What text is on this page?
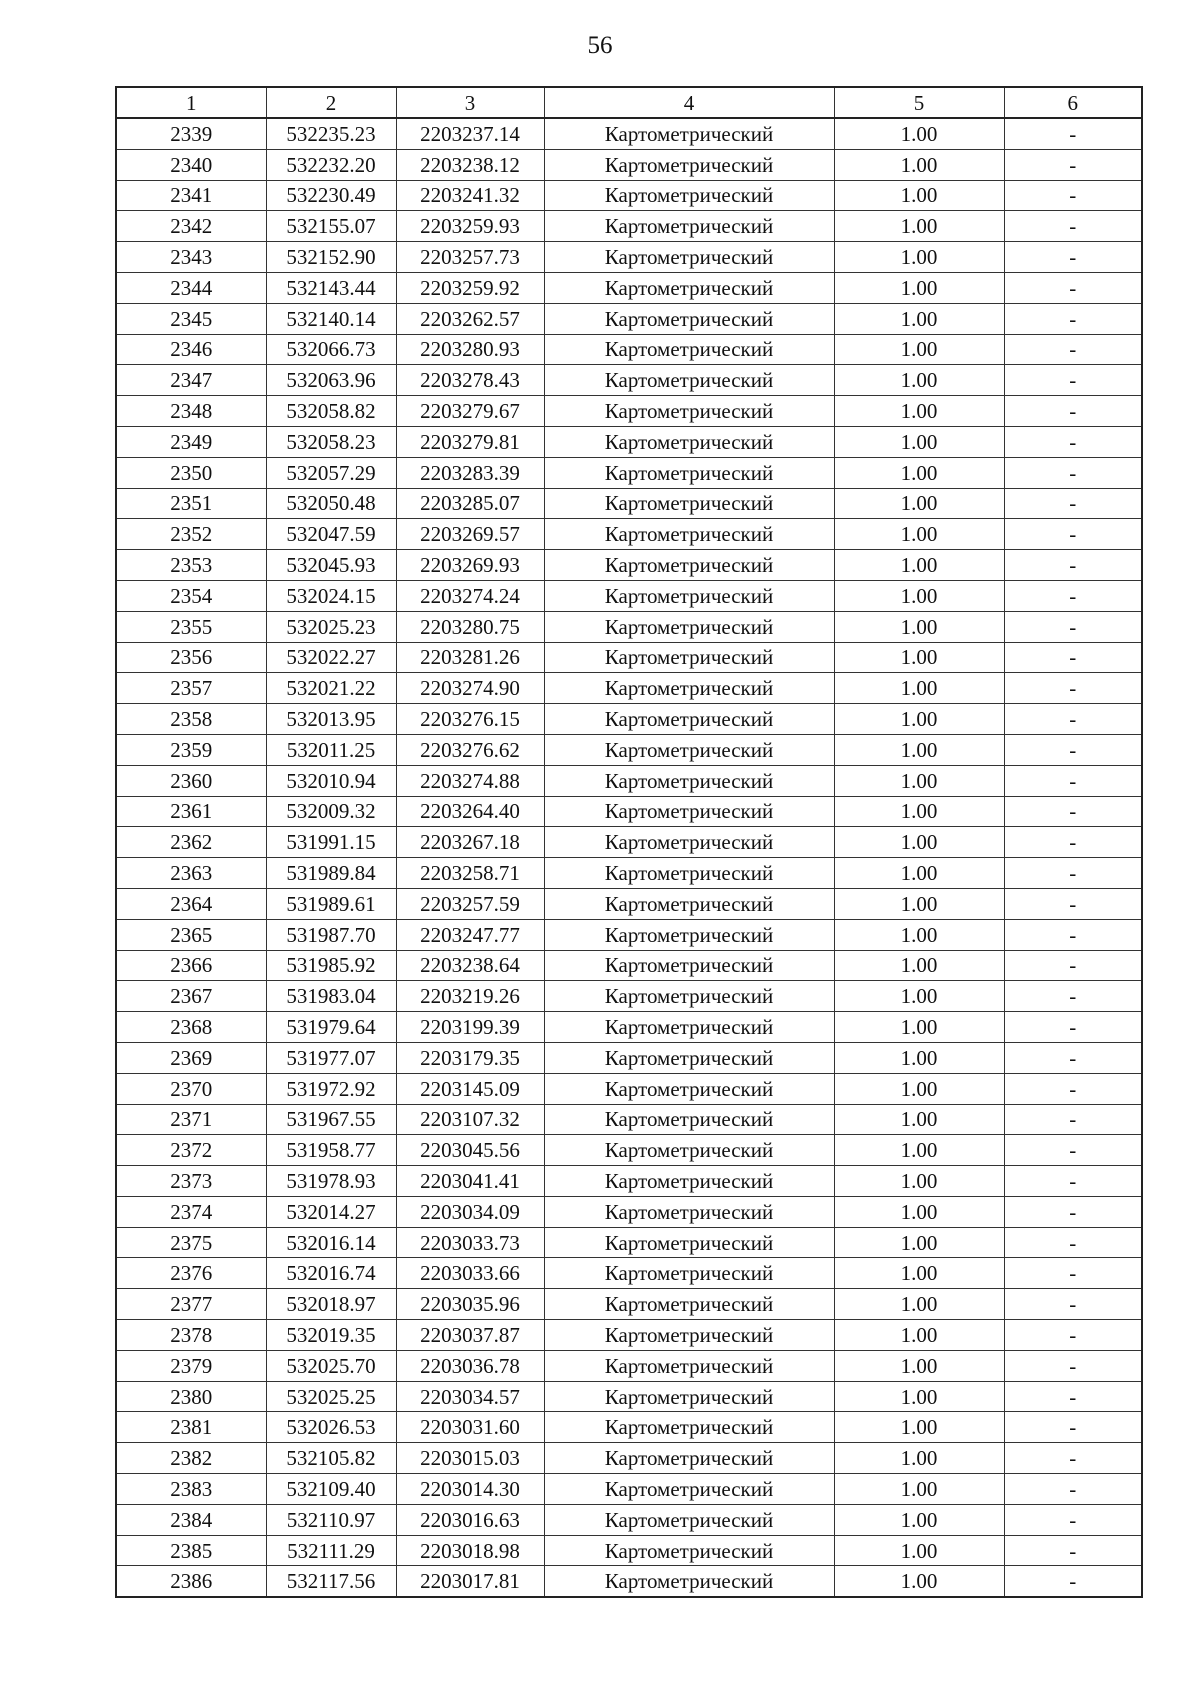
56
1	2	3	4	5	6
2339	532235.23	2203237.14	Картометрический	1.00	-
2340	532232.20	2203238.12	Картометрический	1.00	-
2341	532230.49	2203241.32	Картометрический	1.00	-
2342	532155.07	2203259.93	Картометрический	1.00	-
2343	532152.90	2203257.73	Картометрический	1.00	-
2344	532143.44	2203259.92	Картометрический	1.00	-
2345	532140.14	2203262.57	Картометрический	1.00	-
2346	532066.73	2203280.93	Картометрический	1.00	-
2347	532063.96	2203278.43	Картометрический	1.00	-
2348	532058.82	2203279.67	Картометрический	1.00	-
2349	532058.23	2203279.81	Картометрический	1.00	-
2350	532057.29	2203283.39	Картометрический	1.00	-
2351	532050.48	2203285.07	Картометрический	1.00	-
2352	532047.59	2203269.57	Картометрический	1.00	-
2353	532045.93	2203269.93	Картометрический	1.00	-
2354	532024.15	2203274.24	Картометрический	1.00	-
2355	532025.23	2203280.75	Картометрический	1.00	-
2356	532022.27	2203281.26	Картометрический	1.00	-
2357	532021.22	2203274.90	Картометрический	1.00	-
2358	532013.95	2203276.15	Картометрический	1.00	-
2359	532011.25	2203276.62	Картометрический	1.00	-
2360	532010.94	2203274.88	Картометрический	1.00	-
2361	532009.32	2203264.40	Картометрический	1.00	-
2362	531991.15	2203267.18	Картометрический	1.00	-
2363	531989.84	2203258.71	Картометрический	1.00	-
2364	531989.61	2203257.59	Картометрический	1.00	-
2365	531987.70	2203247.77	Картометрический	1.00	-
2366	531985.92	2203238.64	Картометрический	1.00	-
2367	531983.04	2203219.26	Картометрический	1.00	-
2368	531979.64	2203199.39	Картометрический	1.00	-
2369	531977.07	2203179.35	Картометрический	1.00	-
2370	531972.92	2203145.09	Картометрический	1.00	-
2371	531967.55	2203107.32	Картометрический	1.00	-
2372	531958.77	2203045.56	Картометрический	1.00	-
2373	531978.93	2203041.41	Картометрический	1.00	-
2374	532014.27	2203034.09	Картометрический	1.00	-
2375	532016.14	2203033.73	Картометрический	1.00	-
2376	532016.74	2203033.66	Картометрический	1.00	-
2377	532018.97	2203035.96	Картометрический	1.00	-
2378	532019.35	2203037.87	Картометрический	1.00	-
2379	532025.70	2203036.78	Картометрический	1.00	-
2380	532025.25	2203034.57	Картометрический	1.00	-
2381	532026.53	2203031.60	Картометрический	1.00	-
2382	532105.82	2203015.03	Картометрический	1.00	-
2383	532109.40	2203014.30	Картометрический	1.00	-
2384	532110.97	2203016.63	Картометрический	1.00	-
2385	532111.29	2203018.98	Картометрический	1.00	-
2386	532117.56	2203017.81	Картометрический	1.00	-
